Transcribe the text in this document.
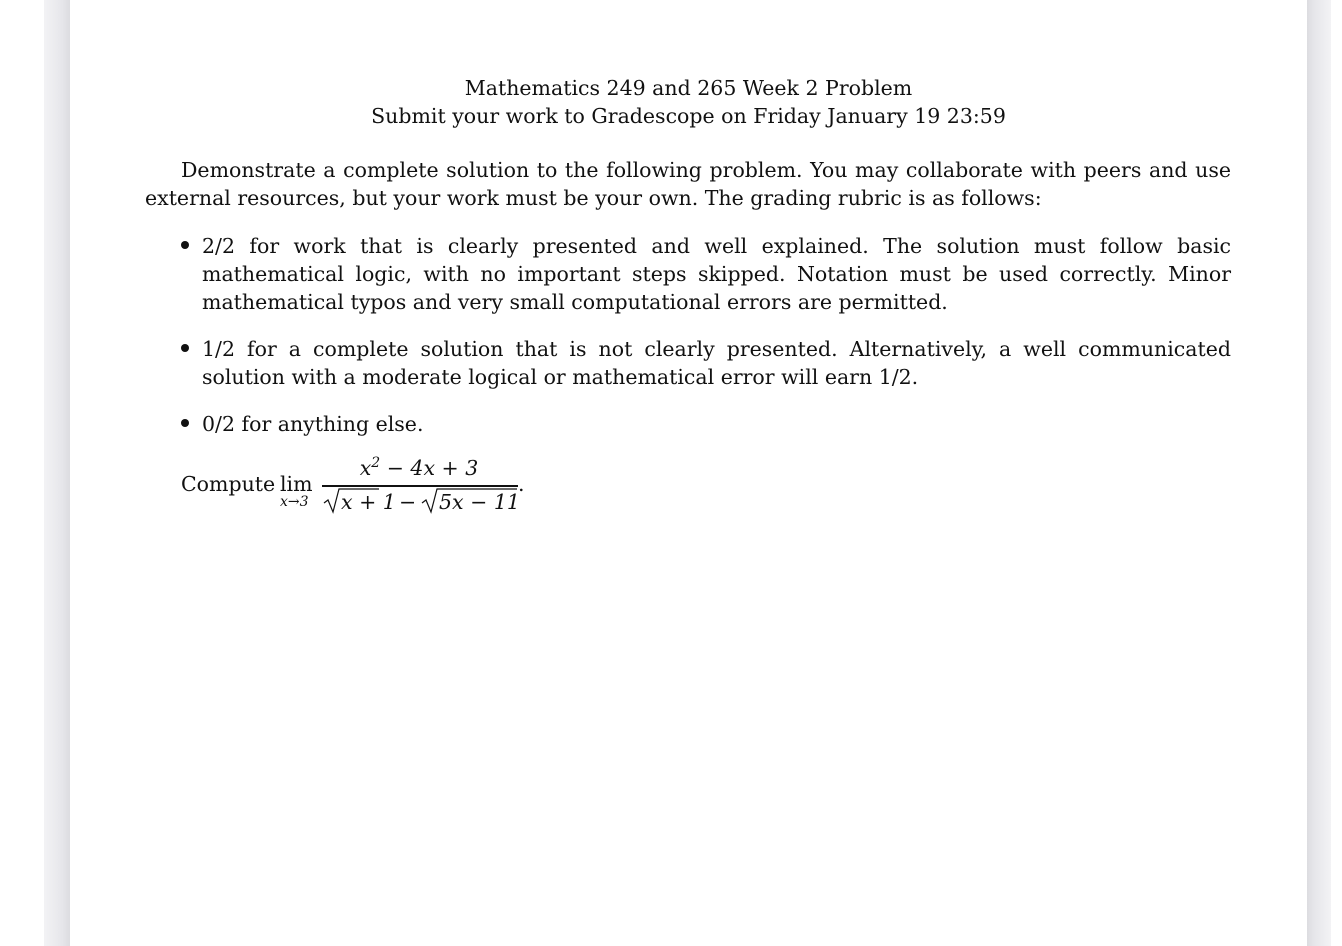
Mathematics 249 and 265 Week 2 Problem
Submit your work to Gradescope on Friday January 19 23:59

Demonstrate a complete solution to the following problem. You may collaborate with peers and use external resources, but your work must be your own. The grading rubric is as follows:

2/2 for work that is clearly presented and well explained. The solution must follow basic mathematical logic, with no important steps skipped. Notation must be used correctly. Minor mathematical typos and very small computational errors are permitted.

1/2 for a complete solution that is not clearly presented. Alternatively, a well communicated solution with a moderate logical or mathematical error will earn 1/2.

0/2 for anything else.

Compute lim
x→3
$x^2 - 4x + 3$
x + 1 − 5x − 11
.
